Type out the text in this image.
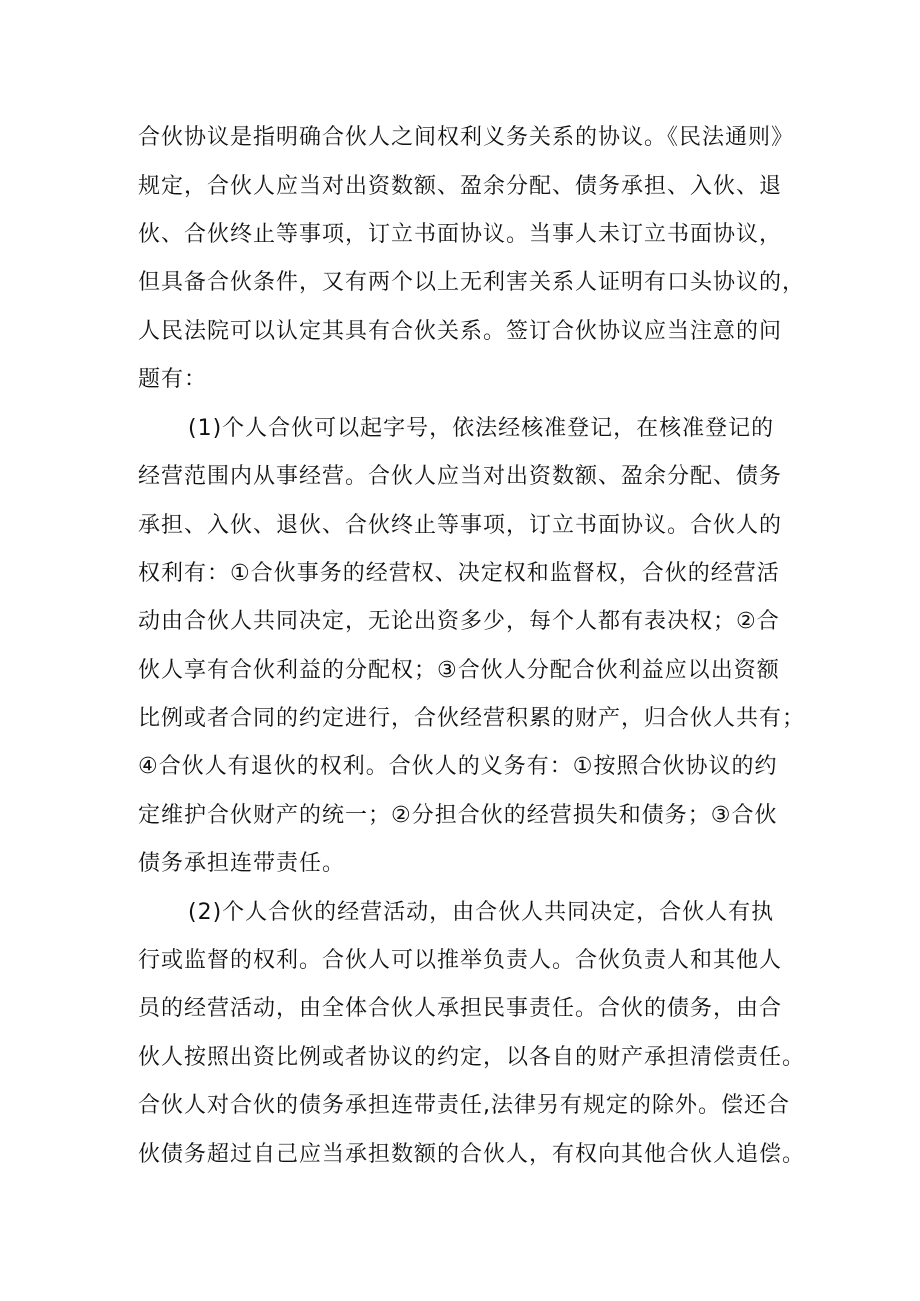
合伙协议是指明确合伙人之间权利义务关系的协议。《民法通则》
规定，合伙人应当对出资数额、盈余分配、债务承担、入伙、退
伙、合伙终止等事项，订立书面协议。当事人未订立书面协议，
但具备合伙条件，又有两个以上无利害关系人证明有口头协议的，
人民法院可以认定其具有合伙关系。签订合伙协议应当注意的问
题有：
(1)个人合伙可以起字号，依法经核准登记，在核准登记的
经营范围内从事经营。合伙人应当对出资数额、盈余分配、债务
承担、入伙、退伙、合伙终止等事项，订立书面协议。合伙人的
权利有：①合伙事务的经营权、决定权和监督权，合伙的经营活
动由合伙人共同决定，无论出资多少，每个人都有表决权；②合
伙人享有合伙利益的分配权；③合伙人分配合伙利益应以出资额
比例或者合同的约定进行，合伙经营积累的财产，归合伙人共有；
④合伙人有退伙的权利。合伙人的义务有：①按照合伙协议的约
定维护合伙财产的统一；②分担合伙的经营损失和债务；③合伙
债务承担连带责任。
(2)个人合伙的经营活动，由合伙人共同决定，合伙人有执
行或监督的权利。合伙人可以推举负责人。合伙负责人和其他人
员的经营活动，由全体合伙人承担民事责任。合伙的债务，由合
伙人按照出资比例或者协议的约定，以各自的财产承担清偿责任。
合伙人对合伙的债务承担连带责任,法律另有规定的除外。偿还合
伙债务超过自己应当承担数额的合伙人，有权向其他合伙人追偿。
